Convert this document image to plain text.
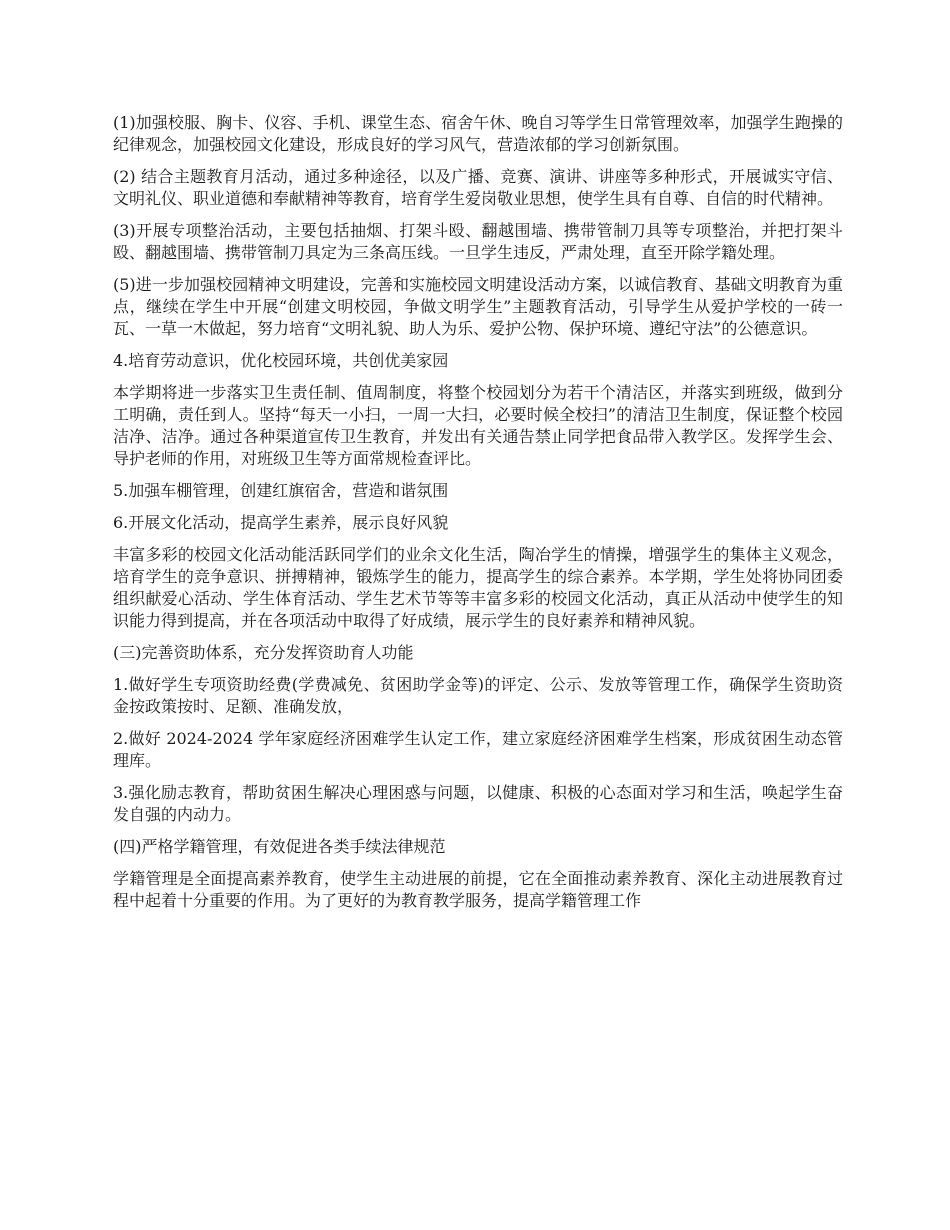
(1)加强校服、胸卡、仪容、手机、课堂生态、宿舍午休、晚自习等学生日常管理效率，加强学生跑操的纪律观念，加强校园文化建设，形成良好的学习风气，营造浓郁的学习创新氛围。

(2) 结合主题教育月活动，通过多种途径，以及广播、竞赛、演讲、讲座等多种形式，开展诚实守信、文明礼仪、职业道德和奉献精神等教育，培育学生爱岗敬业思想，使学生具有自尊、自信的时代精神。

(3)开展专项整治活动，主要包括抽烟、打架斗殴、翻越围墙、携带管制刀具等专项整治，并把打架斗殴、翻越围墙、携带管制刀具定为三条高压线。一旦学生违反，严肃处理，直至开除学籍处理。

(5)进一步加强校园精神文明建设，完善和实施校园文明建设活动方案，以诚信教育、基础文明教育为重点，继续在学生中开展“创建文明校园，争做文明学生”主题教育活动，引导学生从爱护学校的一砖一瓦、一草一木做起，努力培育“文明礼貌、助人为乐、爱护公物、保护环境、遵纪守法”的公德意识。

4.培育劳动意识，优化校园环境，共创优美家园

本学期将进一步落实卫生责任制、值周制度，将整个校园划分为若干个清洁区，并落实到班级，做到分工明确，责任到人。坚持“每天一小扫，一周一大扫，必要时候全校扫”的清洁卫生制度，保证整个校园洁净、洁净。通过各种渠道宣传卫生教育，并发出有关通告禁止同学把食品带入教学区。发挥学生会、导护老师的作用，对班级卫生等方面常规检查评比。

5.加强车棚管理，创建红旗宿舍，营造和谐氛围

6.开展文化活动，提高学生素养，展示良好风貌

丰富多彩的校园文化活动能活跃同学们的业余文化生活，陶冶学生的情操，增强学生的集体主义观念，培育学生的竞争意识、拼搏精神，锻炼学生的能力，提高学生的综合素养。本学期，学生处将协同团委组织献爱心活动、学生体育活动、学生艺术节等等丰富多彩的校园文化活动，真正从活动中使学生的知识能力得到提高，并在各项活动中取得了好成绩，展示学生的良好素养和精神风貌。

(三)完善资助体系，充分发挥资助育人功能

1.做好学生专项资助经费(学费减免、贫困助学金等)的评定、公示、发放等管理工作，确保学生资助资金按政策按时、足额、准确发放，

2.做好 2024-2024 学年家庭经济困难学生认定工作，建立家庭经济困难学生档案，形成贫困生动态管理库。

3.强化励志教育，帮助贫困生解决心理困惑与问题，以健康、积极的心态面对学习和生活，唤起学生奋发自强的内动力。

(四)严格学籍管理，有效促进各类手续法律规范

学籍管理是全面提高素养教育，使学生主动进展的前提，它在全面推动素养教育、深化主动进展教育过程中起着十分重要的作用。为了更好的为教育教学服务，提高学籍管理工作
